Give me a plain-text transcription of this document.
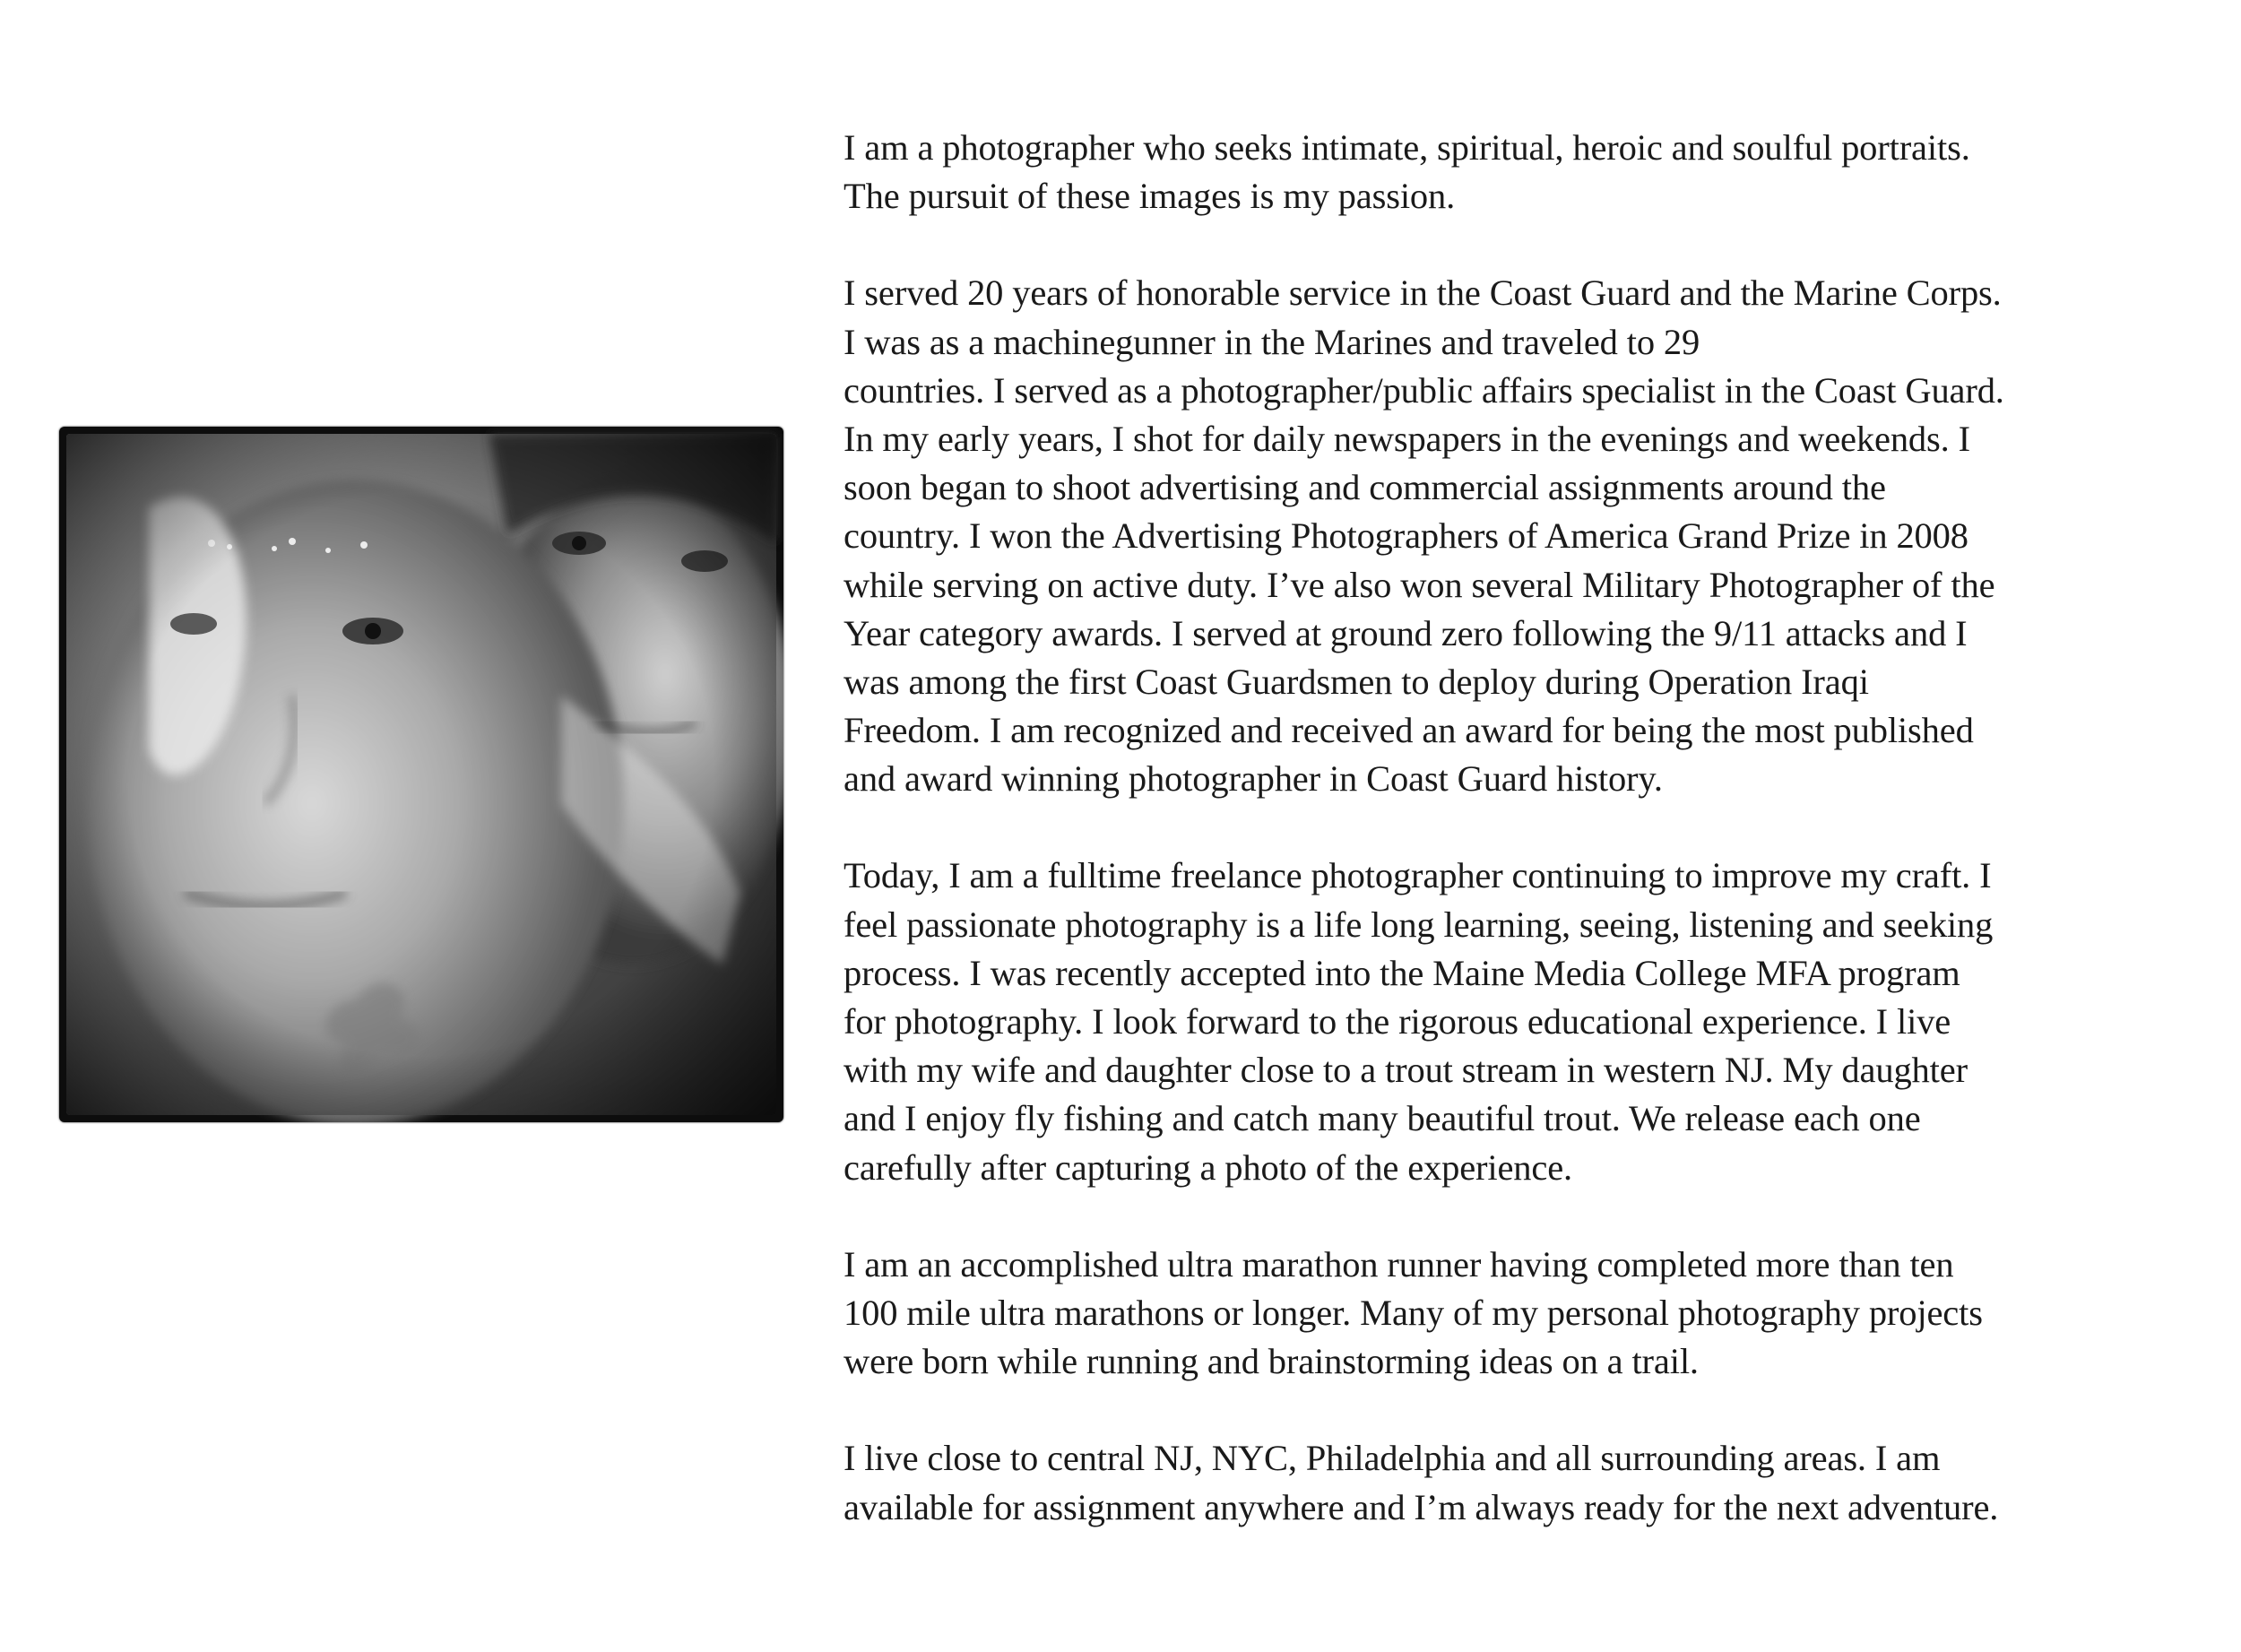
I am a photographer who seeks intimate, spiritual, heroic and soulful portraits.
The pursuit of these images is my passion.
I served 20 years of honorable service in the Coast Guard and the Marine Corps.
I was as a machinegunner in the Marines and traveled to 29
countries. I served as a photographer/public affairs specialist in the Coast Guard.
In my early years, I shot for daily newspapers in the evenings and weekends. I
soon began to shoot advertising and commercial assignments around the
country. I won the Advertising Photographers of America Grand Prize in 2008
while serving on active duty. I’ve also won several Military Photographer of the
Year category awards. I served at ground zero following the 9/11 attacks and I
was among the first Coast Guardsmen to deploy during Operation Iraqi
Freedom. I am recognized and received an award for being the most published
and award winning photographer in Coast Guard history.
Today, I am a fulltime freelance photographer continuing to improve my craft. I
feel passionate photography is a life long learning, seeing, listening and seeking
process. I was recently accepted into the Maine Media College MFA program
for photography. I look forward to the rigorous educational experience. I live
with my wife and daughter close to a trout stream in western NJ. My daughter
and I enjoy fly fishing and catch many beautiful trout. We release each one
carefully after capturing a photo of the experience.
I am an accomplished ultra marathon runner having completed more than ten
100 mile ultra marathons or longer. Many of my personal photography projects
were born while running and brainstorming ideas on a trail.
I live close to central NJ, NYC, Philadelphia and all surrounding areas. I am
available for assignment anywhere and I’m always ready for the next adventure.
